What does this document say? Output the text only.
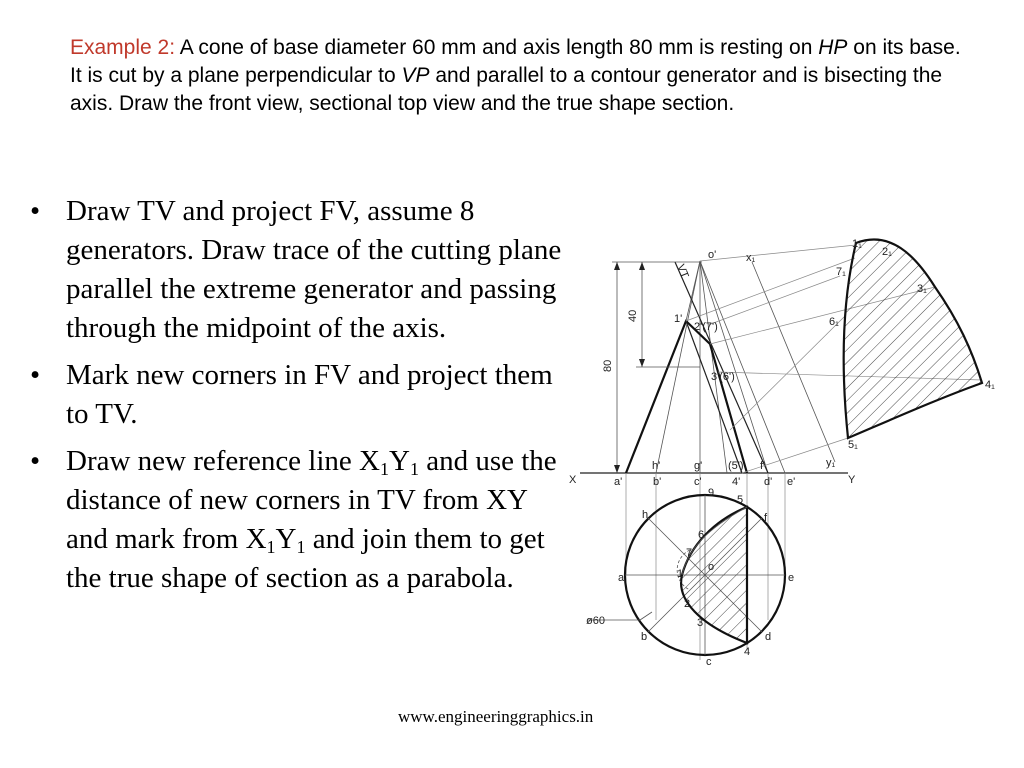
Example 2: A cone of base diameter 60 mm and axis length 80 mm is resting on HP on its base. It is cut by a plane perpendicular to VP and parallel to a contour generator and is bisecting the axis. Draw the front view, sectional top view and the true shape section.
• Draw TV and project FV, assume 8 generators. Draw trace of the cutting plane parallel the extreme generator and passing through the midpoint of the axis.
• Mark new corners in FV and project them to TV.
• Draw new reference line $X_1Y_1$ and use the distance of new corners in TV from XY and mark from $X_1Y_1$ and join them to get the true shape of section as a parabola.
o'
VT
x₁
y₁
40
80
1'
2'(7')
3'(6')
X	Y
h'	g' (5') f'
a'	b'	c'	4' d' e'
9
5
h	f
6
7
1
o
a	e
2
3
b	d
4
c
ø60
1₁
2₁
7₁
3₁
6₁
4₁
5₁
www.engineeringgraphics.in
